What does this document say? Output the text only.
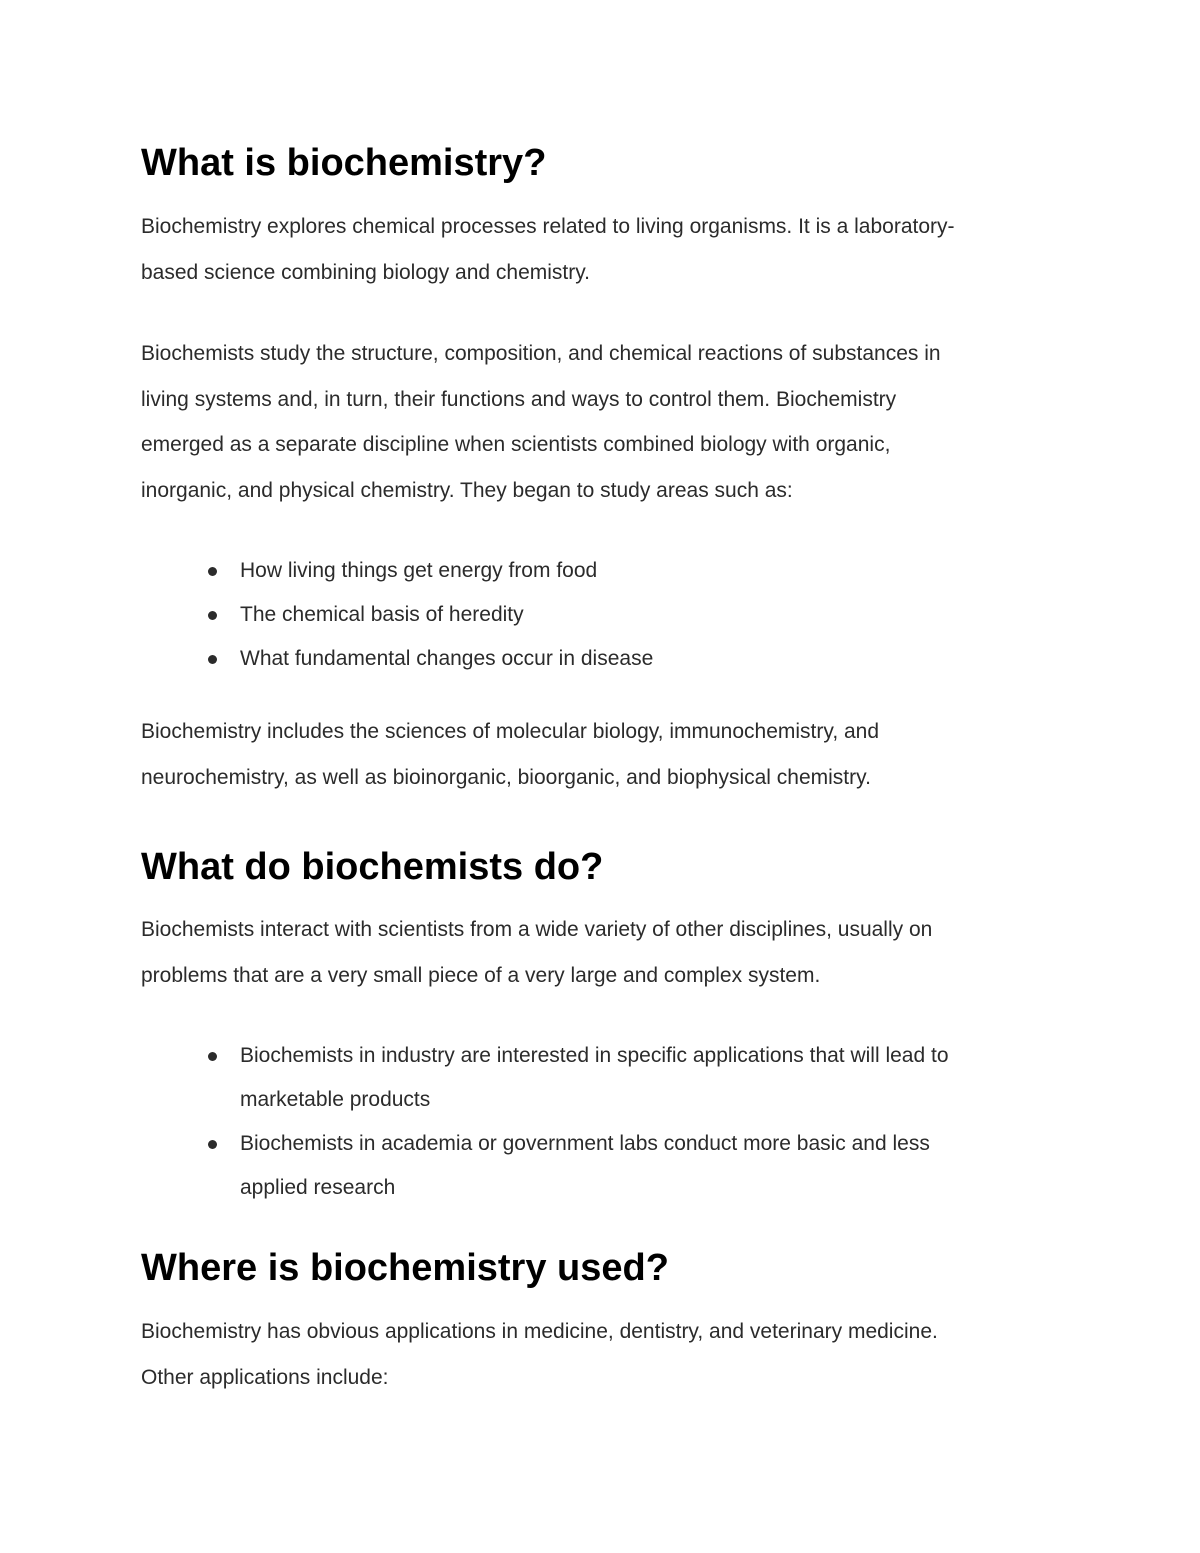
What is biochemistry?

Biochemistry explores chemical processes related to living organisms. It is a laboratory-
based science combining biology and chemistry.

Biochemists study the structure, composition, and chemical reactions of substances in
living systems and, in turn, their functions and ways to control them. Biochemistry
emerged as a separate discipline when scientists combined biology with organic,
inorganic, and physical chemistry. They began to study areas such as:

How living things get energy from food
The chemical basis of heredity
What fundamental changes occur in disease

Biochemistry includes the sciences of molecular biology, immunochemistry, and
neurochemistry, as well as bioinorganic, bioorganic, and biophysical chemistry.

What do biochemists do?

Biochemists interact with scientists from a wide variety of other disciplines, usually on
problems that are a very small piece of a very large and complex system.

Biochemists in industry are interested in specific applications that will lead to
marketable products
Biochemists in academia or government labs conduct more basic and less
applied research
Where is biochemistry used?

Biochemistry has obvious applications in medicine, dentistry, and veterinary medicine.
Other applications include:
